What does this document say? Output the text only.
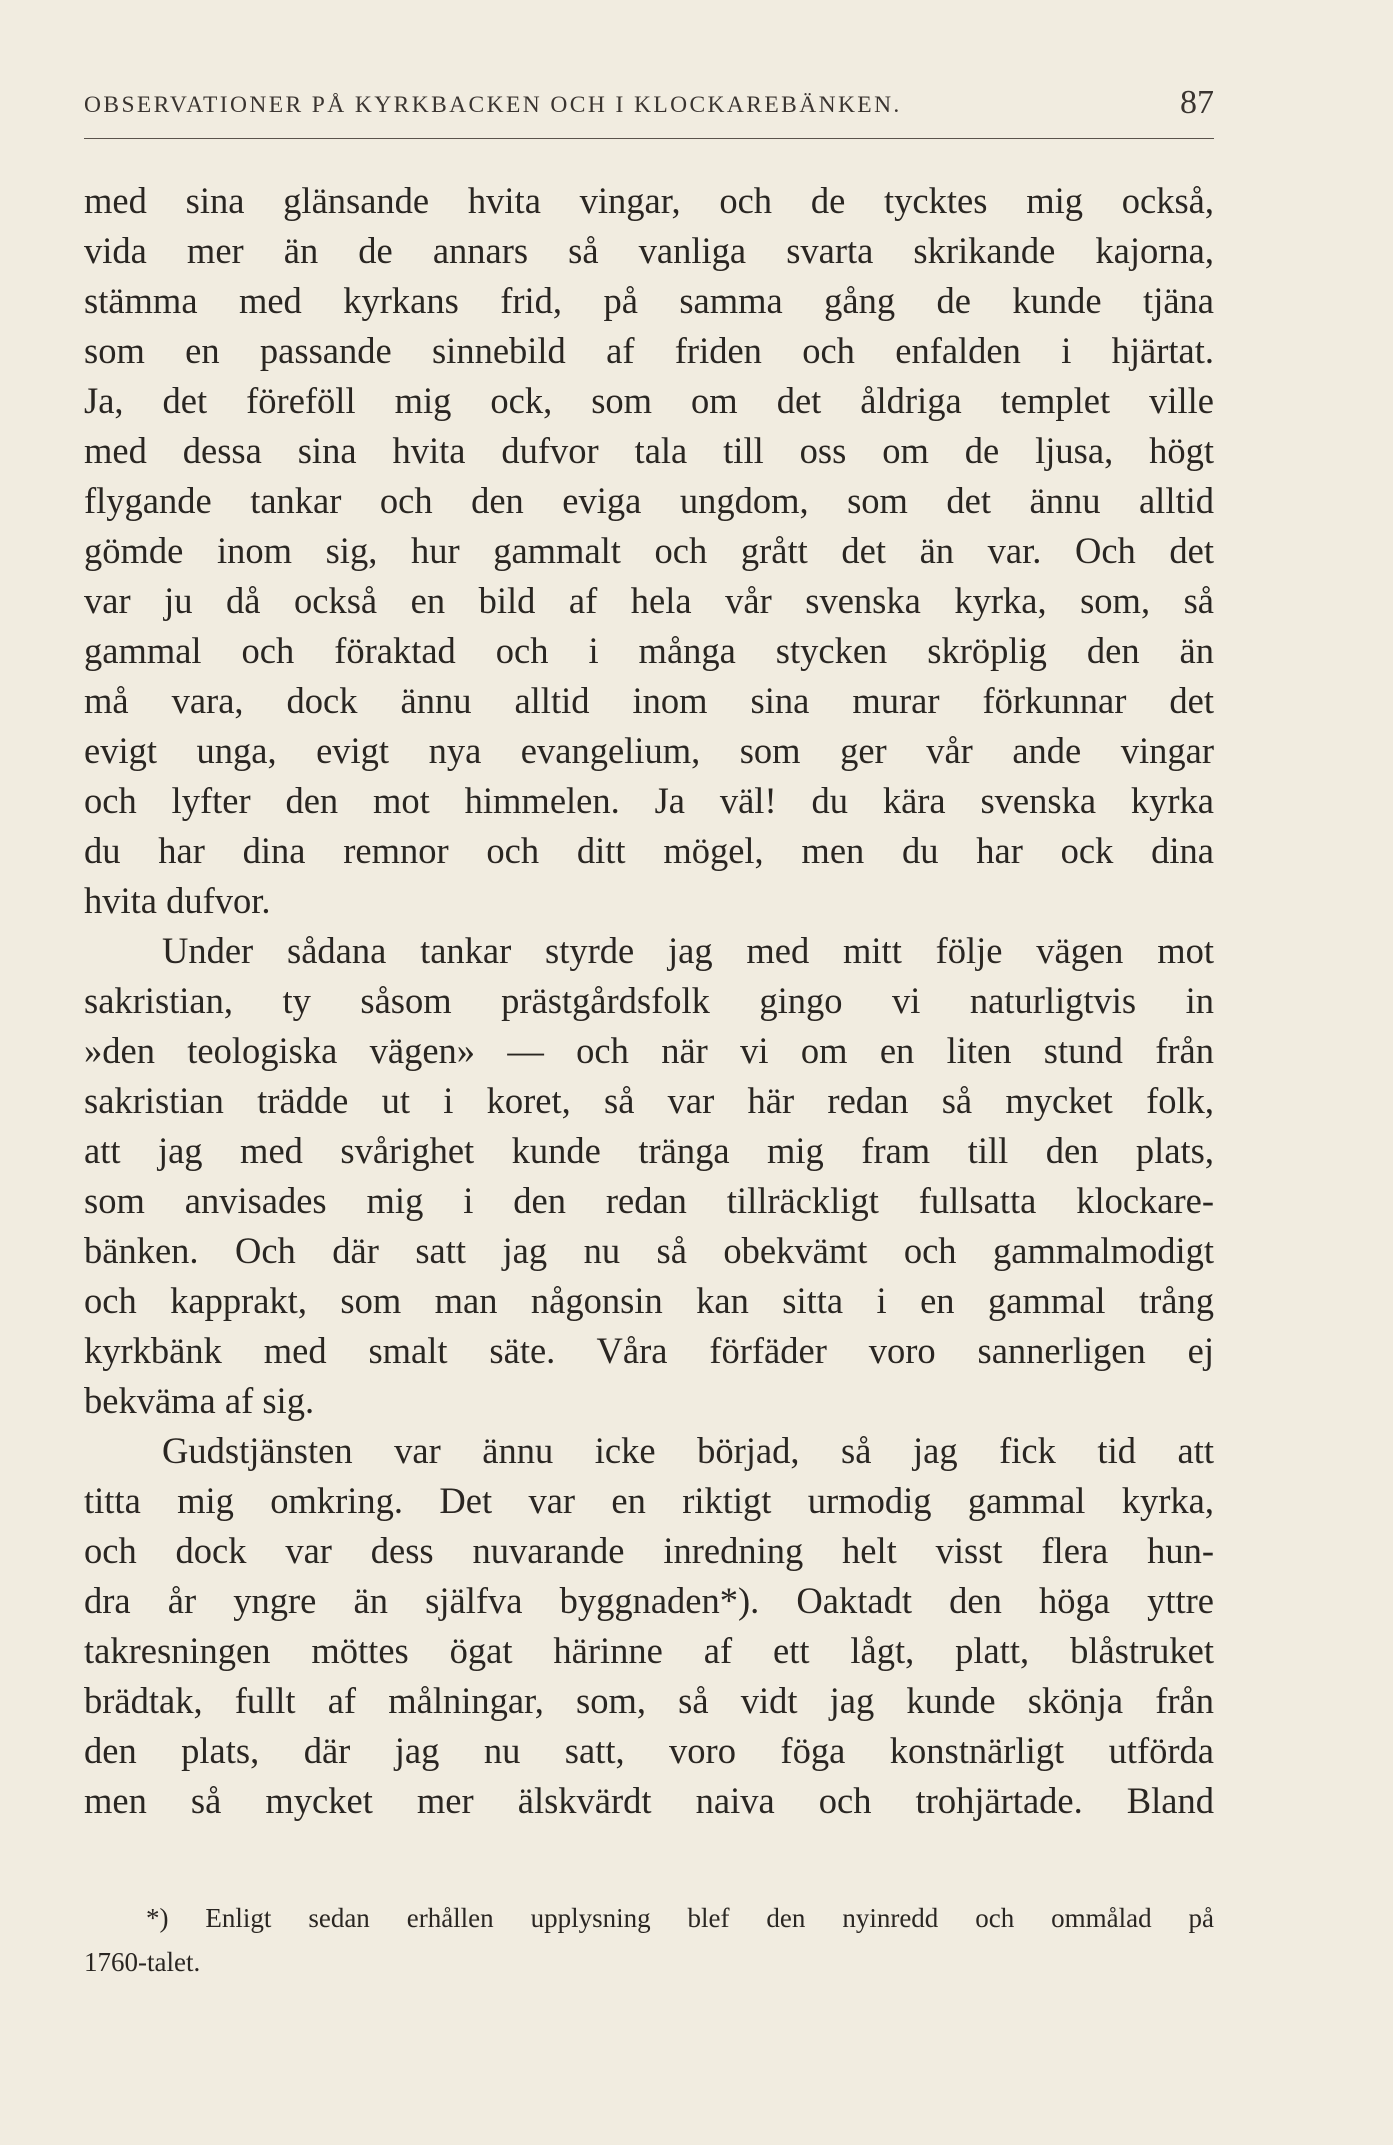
OBSERVATIONER PÅ KYRKBACKEN OCH I KLOCKAREBÄNKEN.	87
med sina glänsande hvita vingar, och de tycktes mig också,
vida mer än de annars så vanliga svarta skrikande kajorna,
stämma med kyrkans frid, på samma gång de kunde tjäna
som en passande sinnebild af friden och enfalden i hjärtat.
Ja, det föreföll mig ock, som om det åldriga templet ville
med dessa sina hvita dufvor tala till oss om de ljusa, högt
flygande tankar och den eviga ungdom, som det ännu alltid
gömde inom sig, hur gammalt och grått det än var. Och det
var ju då också en bild af hela vår svenska kyrka, som, så
gammal och föraktad och i många stycken skröplig den än
må vara, dock ännu alltid inom sina murar förkunnar det
evigt unga, evigt nya evangelium, som ger vår ande vingar
och lyfter den mot himmelen. Ja väl! du kära svenska kyrka
du har dina remnor och ditt mögel, men du har ock dina
hvita dufvor.
Under sådana tankar styrde jag med mitt följe vägen mot
sakristian, ty såsom prästgårdsfolk gingo vi naturligtvis in
»den teologiska vägen» — och när vi om en liten stund från
sakristian trädde ut i koret, så var här redan så mycket folk,
att jag med svårighet kunde tränga mig fram till den plats,
som anvisades mig i den redan tillräckligt fullsatta klockare-
bänken. Och där satt jag nu så obekvämt och gammalmodigt
och kapprakt, som man någonsin kan sitta i en gammal trång
kyrkbänk med smalt säte. Våra förfäder voro sannerligen ej
bekväma af sig.
Gudstjänsten var ännu icke börjad, så jag fick tid att
titta mig omkring. Det var en riktigt urmodig gammal kyrka,
och dock var dess nuvarande inredning helt visst flera hun-
dra år yngre än själfva byggnaden*). Oaktadt den höga yttre
takresningen möttes ögat härinne af ett lågt, platt, blåstruket
brädtak, fullt af målningar, som, så vidt jag kunde skönja från
den plats, där jag nu satt, voro föga konstnärligt utförda
men så mycket mer älskvärdt naiva och trohjärtade. Bland
*) Enligt sedan erhållen upplysning blef den nyinredd och ommålad på
1760-talet.
